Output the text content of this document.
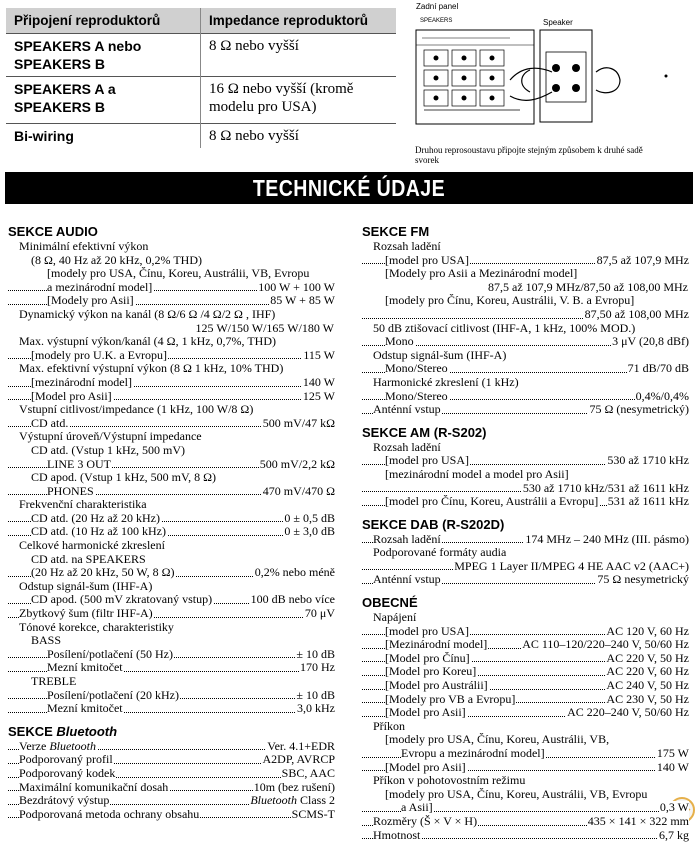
Připojení reproduktorů	Impedance reproduktorů
SPEAKERS A nebo SPEAKERS B	8 Ω nebo vyšší
SPEAKERS A a SPEAKERS B	16 Ω nebo vyšší (kromě modelu pro USA)
Bi-wiring	8 Ω nebo vyšší
Zadní panel
SPEAKERS	Speaker
Druhou reprosoustavu připojte stejným způsobem k druhé sadě svorek
TECHNICKÉ ÚDAJE
SEKCE AUDIO
• Minimální efektivní výkon
(8 Ω, 40 Hz až 20 kHz, 0,2% THD)
[modely pro USA, Čínu, Koreu, Austrálii, VB, Evropu
a mezinárodní model]	100 W + 100 W
[Modely pro Asii]	85 W + 85 W
• Dynamický výkon na kanál (8 Ω/6 Ω /4 Ω/2 Ω , IHF)
125 W/150 W/165 W/180 W
• Max. výstupní výkon/kanál (4 Ω, 1 kHz, 0,7%, THD)
[modely pro U.K. a Evropu]	115 W
• Max. efektivní výstupní výkon (8 Ω 1 kHz, 10% THD)
[mezinárodní model]	140 W
[Model pro Asii]	125 W
• Vstupní citlivost/impedance (1 kHz, 100 W/8 Ω)
CD atd.	500 mV/47 kΩ
• Výstupní úroveň/Výstupní impedance
CD atd. (Vstup 1 kHz, 500 mV)
LINE 3 OUT	500 mV/2,2 kΩ
CD apod. (Vstup 1 kHz, 500 mV, 8 Ω)
PHONES	470 mV/470 Ω
• Frekvenční charakteristika
CD atd. (20 Hz až 20 kHz)	0 ± 0,5 dB
CD atd. (10 Hz až 100 kHz)	0 ± 3,0 dB
• Celkové harmonické zkreslení
CD atd. na SPEAKERS
(20 Hz až 20 kHz, 50 W, 8 Ω)	0,2% nebo méně
• Odstup signál-šum (IHF-A)
CD apod. (500 mV zkratovaný vstup)	100 dB nebo více
• Zbytkový šum (filtr IHF-A)	70 μV
• Tónové korekce, charakteristiky
BASS
Posílení/potlačení (50 Hz)	± 10 dB
Mezní kmitočet	170 Hz
TREBLE
Posílení/potlačení (20 kHz)	± 10 dB
Mezní kmitočet	3,0 kHz
SEKCE Bluetooth
• Verze Bluetooth	Ver. 4.1+EDR
• Podporovaný profil	A2DP, AVRCP
• Podporovaný kodek	SBC, AAC
• Maximální komunikační dosah	10m (bez rušení)
• Bezdrátový výstup	Bluetooth Class 2
• Podporovaná metoda ochrany obsahu	SCMS-T
SEKCE FM
• Rozsah ladění
[model pro USA]	87,5 až 107,9 MHz
[Modely pro Asii a Mezinárodní model]
87,5 až 107,9 MHz/87,50 až 108,00 MHz
[modely pro Čínu, Koreu, Austrálii, V. B. a Evropu]
87,50 až 108,00 MHz
• 50 dB ztišovací citlivost (IHF-A, 1 kHz, 100% MOD.)
Mono	3 μV (20,8 dBf)
• Odstup signál-šum (IHF-A)
Mono/Stereo	71 dB/70 dB
• Harmonické zkreslení (1 kHz)
Mono/Stereo	0,4%/0,4%
• Anténní vstup	75 Ω (nesymetrický)
SEKCE AM (R-S202)
• Rozsah ladění
[model pro USA]	530 až 1710 kHz
[mezinárodní model a model pro Asii]
530 až 1710 kHz/531 až 1611 kHz
[model pro Čínu, Koreu, Austrálii a Evropu] 531 až 1611 kHz
SEKCE DAB (R-S202D)
• Rozsah ladění	174 MHz – 240 MHz (III. pásmo)
• Podporované formáty audia
MPEG 1 Layer II/MPEG 4 HE AAC v2 (AAC+)
• Anténní vstup	75 Ω nesymetrický
OBECNÉ
• Napájení
[model pro USA]	AC 120 V, 60 Hz
[Mezinárodní model]	AC 110–120/220–240 V, 50/60 Hz
[Model pro Čínu]	AC 220 V, 50 Hz
[Model pro Koreu]	AC 220 V, 60 Hz
[Model pro Austrálii]	AC 240 V, 50 Hz
[Modely pro VB a Evropu]	AC 230 V, 50 Hz
[Model pro Asii]	AC 220–240 V, 50/60 Hz
• Příkon
[modely pro USA, Čínu, Koreu, Austrálii, VB,
Evropu a mezinárodní model]	175 W
[Model pro Asii]	140 W
• Příkon v pohotovostním režimu
[modely pro USA, Čínu, Koreu, Austrálii, VB, Evropu
a Asii]	0,3 W
• Rozměry (Š × V × H)	435 × 141 × 322 mm
• Hmotnost	6,7 kg
